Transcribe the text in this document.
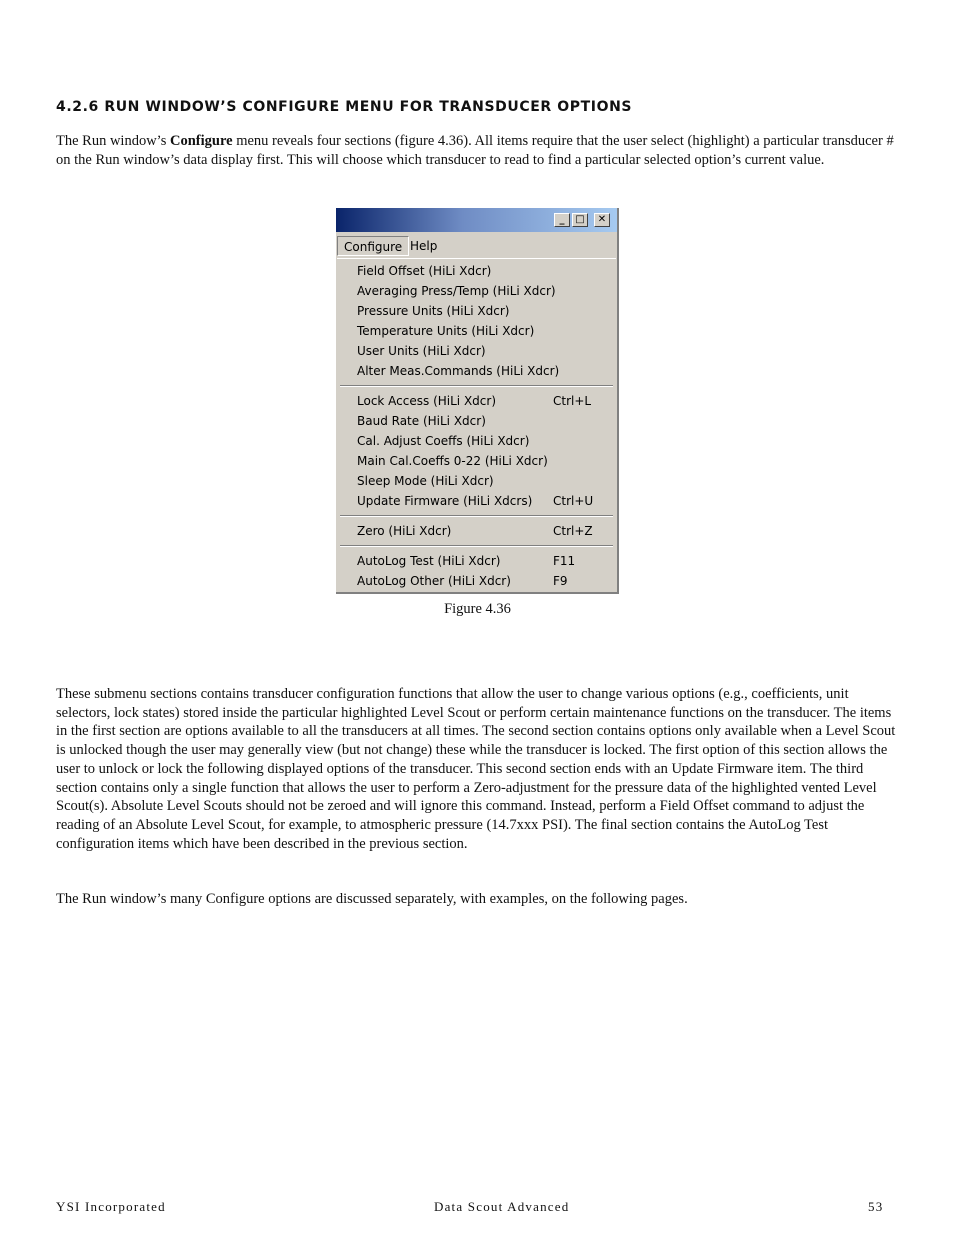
4.2.6 RUN WINDOW’S CONFIGURE MENU FOR TRANSDUCER OPTIONS

The Run window’s Configure menu reveals four sections (figure 4.36). All items require that the user select (highlight) a particular transducer # on the Run window’s data display first. This will choose which transducer to read to find a particular selected option’s current value.

_	□	✕
Configure Help
Field Offset (HiLi Xdcr)
Averaging Press/Temp (HiLi Xdcr)
Pressure Units (HiLi Xdcr)
Temperature Units (HiLi Xdcr)
User Units (HiLi Xdcr)
Alter Meas.Commands (HiLi Xdcr)
Lock Access (HiLi Xdcr)	Ctrl+L
Baud Rate (HiLi Xdcr)
Cal. Adjust Coeffs (HiLi Xdcr)
Main Cal.Coeffs 0-22 (HiLi Xdcr)
Sleep Mode (HiLi Xdcr)
Update Firmware (HiLi Xdcrs) Ctrl+U
Zero (HiLi Xdcr)	Ctrl+Z
AutoLog Test (HiLi Xdcr)	F11
AutoLog Other (HiLi Xdcr)	F9
Figure 4.36

These submenu sections contains transducer configuration functions that allow the user to change various options (e.g., coefficients, unit selectors, lock states) stored inside the particular highlighted Level Scout or perform certain maintenance functions on the transducer. The items in the first section are options available to all the transducers at all times. The second section contains options only available when a Level Scout is unlocked though the user may generally view (but not change) these while the transducer is locked. The first option of this section allows the user to unlock or lock the following displayed options of the transducer. This second section ends with an Update Firmware item. The third section contains only a single function that allows the user to perform a Zero-adjustment for the pressure data of the highlighted vented Level Scout(s). Absolute Level Scouts should not be zeroed and will ignore this command. Instead, perform a Field Offset command to adjust the reading of an Absolute Level Scout, for example, to atmospheric pressure (14.7xxx PSI). The final section contains the AutoLog Test configuration items which have been described in the previous section.

The Run window’s many Configure options are discussed separately, with examples, on the following pages.

YSI Incorporated	Data Scout Advanced	53
